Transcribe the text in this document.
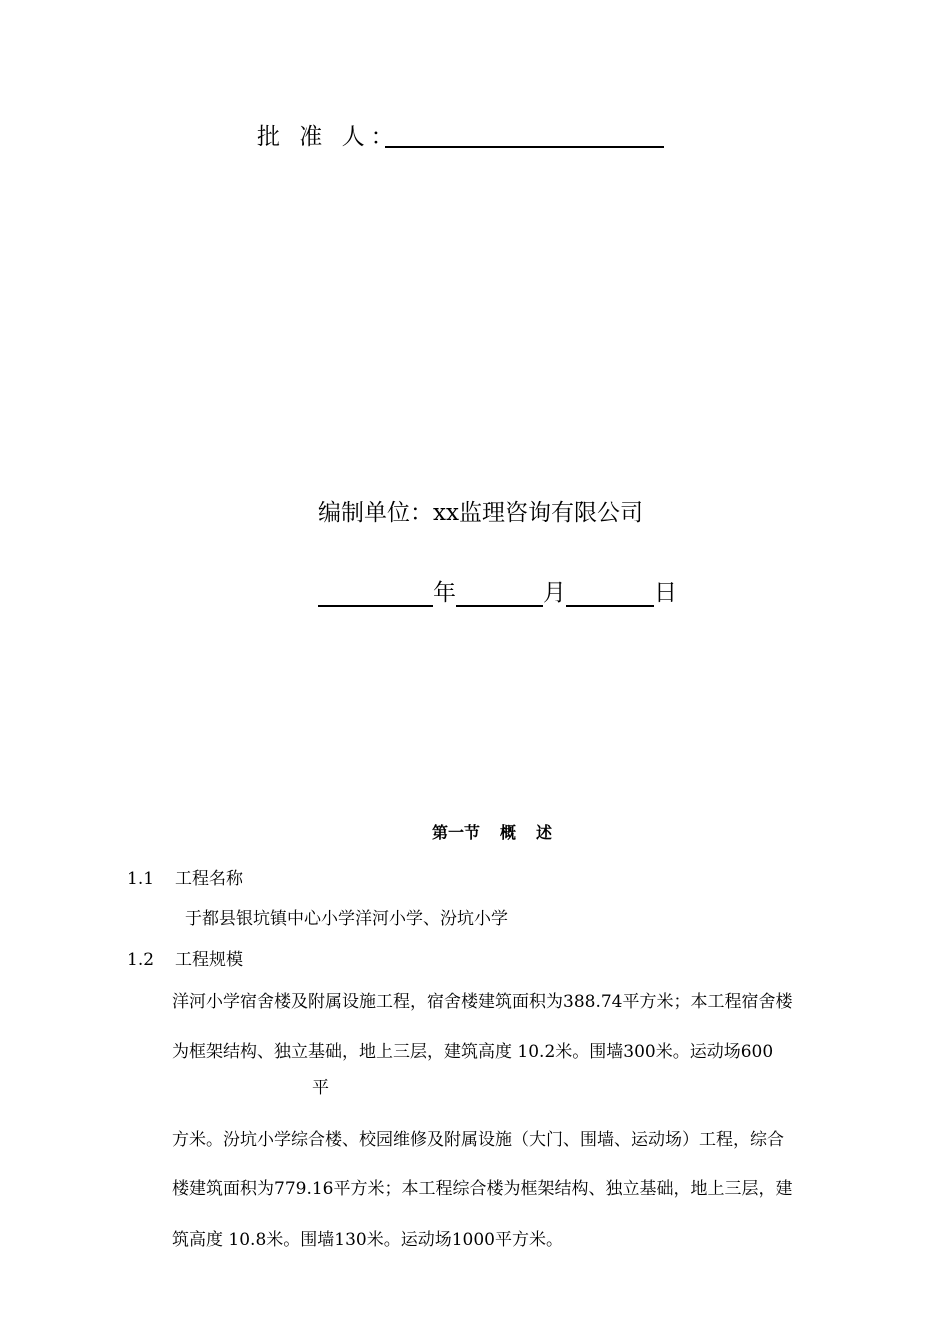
批 准 人：
编制单位：xx监理咨询有限公司
年	月	日
第一节 概 述
1.1 工程名称
于都县银坑镇中心小学洋河小学、汾坑小学
1.2 工程规模
洋河小学宿舍楼及附属设施工程，宿舍楼建筑面积为388.74平方米；本工程宿舍楼
为框架结构、独立基础，地上三层，建筑高度 10.2米。围墙300米。运动场600
平
方米。汾坑小学综合楼、校园维修及附属设施（大门、围墙、运动场）工程，综合
楼建筑面积为779.16平方米；本工程综合楼为框架结构、独立基础，地上三层，建
筑高度 10.8米。围墙130米。运动场1000平方米。
